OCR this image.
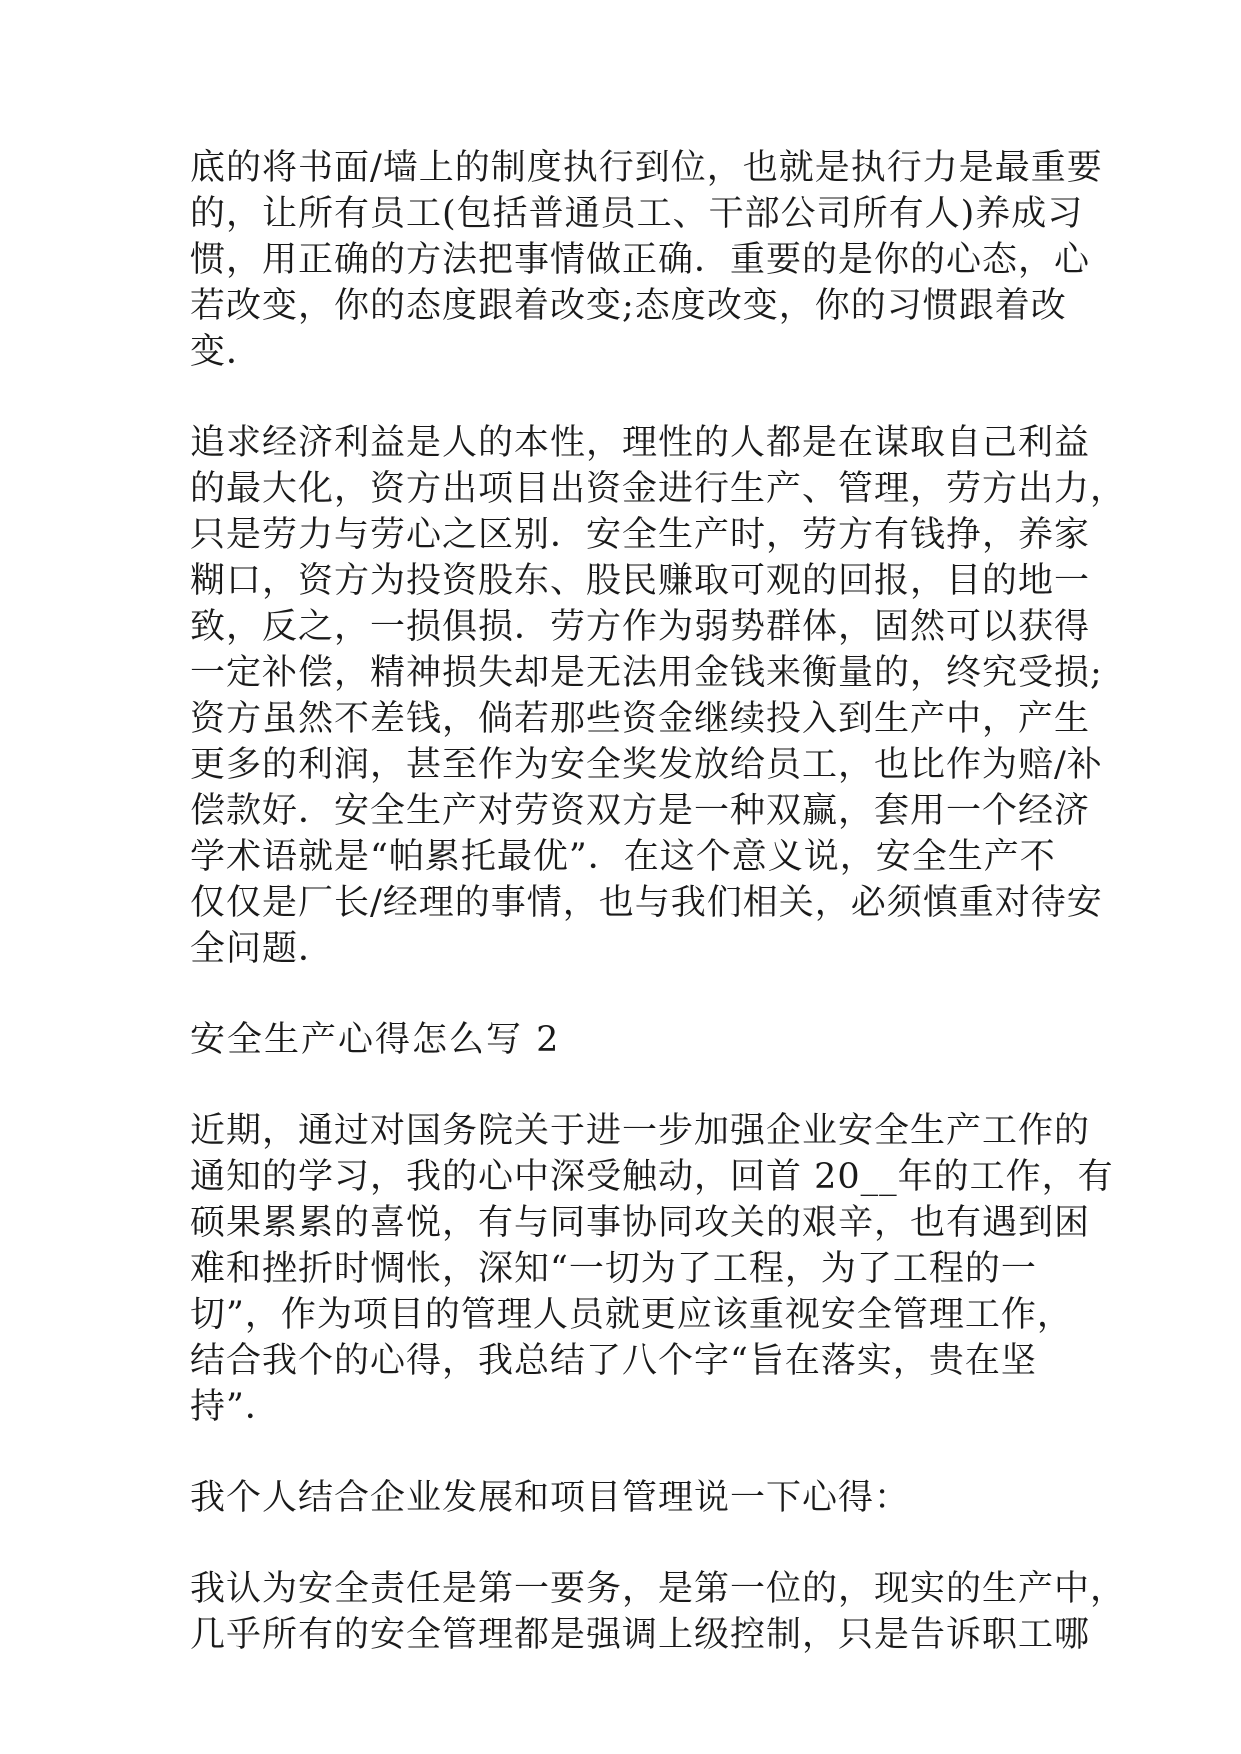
底的将书面/墙上的制度执行到位，也就是执行力是最重要
的，让所有员工(包括普通员工、干部公司所有人)养成习
惯，用正确的方法把事情做正确．重要的是你的心态，心
若改变，你的态度跟着改变;态度改变，你的习惯跟着改
变．
追求经济利益是人的本性，理性的人都是在谋取自己利益
的最大化，资方出项目出资金进行生产、管理，劳方出力，
只是劳力与劳心之区别．安全生产时，劳方有钱挣，养家
糊口，资方为投资股东、股民赚取可观的回报，目的地一
致，反之，一损俱损．劳方作为弱势群体，固然可以获得
一定补偿，精神损失却是无法用金钱来衡量的，终究受损;
资方虽然不差钱，倘若那些资金继续投入到生产中，产生
更多的利润，甚至作为安全奖发放给员工，也比作为赔/补
偿款好．安全生产对劳资双方是一种双赢，套用一个经济
学术语就是“帕累托最优”．在这个意义说，安全生产不
仅仅是厂长/经理的事情，也与我们相关，必须慎重对待安
全问题．
安全生产心得怎么写 2
近期，通过对国务院关于进一步加强企业安全生产工作的
通知的学习，我的心中深受触动，回首 20__年的工作，有
硕果累累的喜悦，有与同事协同攻关的艰辛，也有遇到困
难和挫折时惆怅，深知“一切为了工程，为了工程的一
切”，作为项目的管理人员就更应该重视安全管理工作，
结合我个的心得，我总结了八个字“旨在落实，贵在坚
持”．
我个人结合企业发展和项目管理说一下心得：
我认为安全责任是第一要务，是第一位的，现实的生产中，
几乎所有的安全管理都是强调上级控制，只是告诉职工哪
